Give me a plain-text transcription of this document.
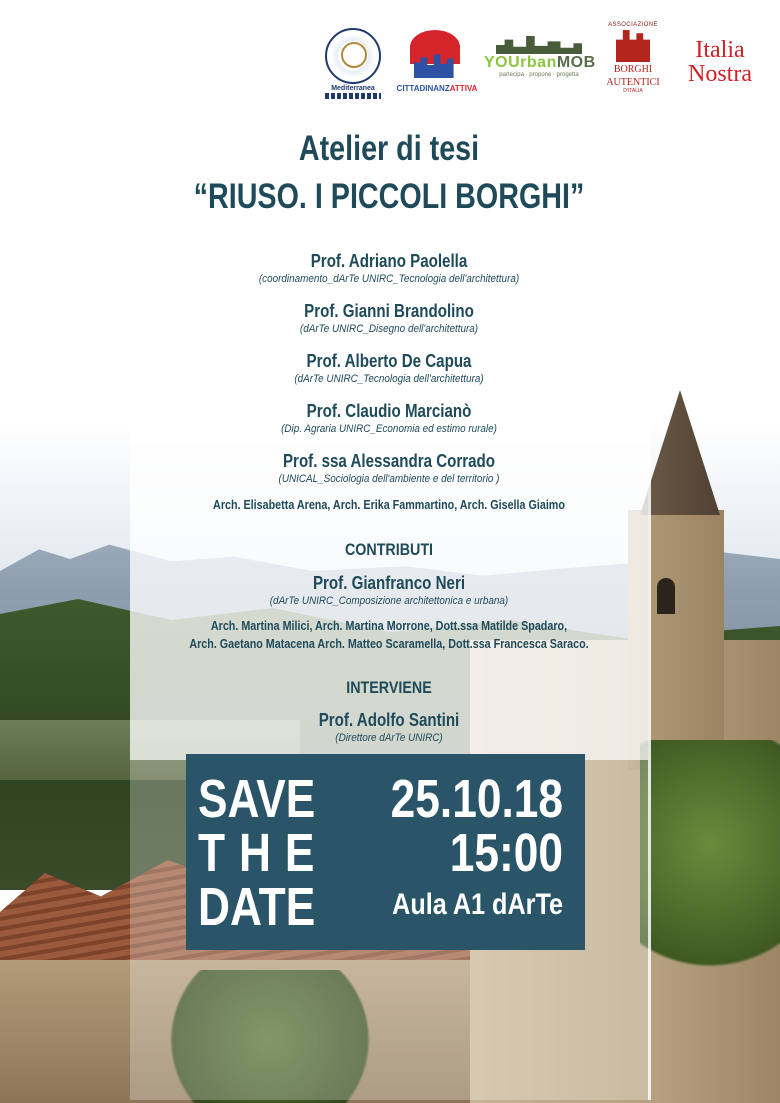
Mediterranea	CITTADINANZATTIVA
YOUrbanMOB
partecipa · propone · progetta
ASSOCIAZIONE
BORGHI
AUTENTICI
D'ITALIA
Italia
Nostra
Atelier di tesi
“RIUSO. I PICCOLI BORGHI”
Prof. Adriano Paolella
(coordinamento_dArTe UNIRC_Tecnologia dell'architettura)
Prof. Gianni Brandolino
(dArTe UNIRC_Disegno dell'architettura)
Prof. Alberto De Capua
(dArTe UNIRC_Tecnologia dell'architettura)
Prof. Claudio Marcianò
(Dip. Agraria UNIRC_Economia ed estimo rurale)
Prof. ssa Alessandra Corrado
(UNICAL_Sociologia dell'ambiente e del territorio )
Arch. Elisabetta Arena, Arch. Erika Fammartino, Arch. Gisella Giaimo
CONTRIBUTI
Prof. Gianfranco Neri
(dArTe UNIRC_Composizione architettonica e urbana)
Arch. Martina Milici, Arch. Martina Morrone, Dott.ssa Matilde Spadaro,
Arch. Gaetano Matacena Arch. Matteo Scaramella, Dott.ssa Francesca Saraco.
INTERVIENE
Prof. Adolfo Santini
(Direttore dArTe UNIRC)
SAVE
THE
DATE
25.10.18
15:00
Aula A1 dArTe
